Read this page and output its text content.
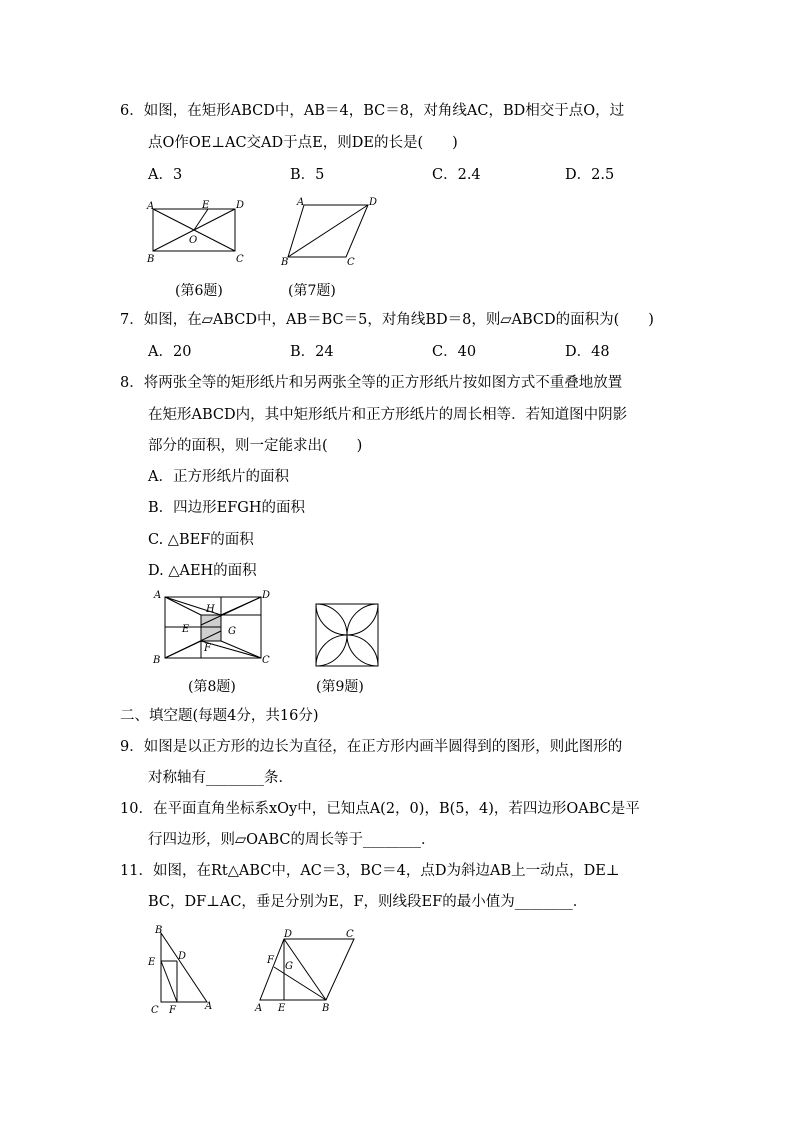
6．如图，在矩形ABCD中，AB＝4，BC＝8，对角线AC，BD相交于点O，过
点O作OE⊥AC交AD于点E，则DE的长是(　　)
A．3	B．5	C．2.4	D．2.5
A	E	D
O
B	C
(第6题)
A	D
B	C
(第7题)
7．如图，在▱ABCD中，AB＝BC＝5，对角线BD＝8，则▱ABCD的面积为(　　)
A．20	B．24	C．40	D．48
8．将两张全等的矩形纸片和另两张全等的正方形纸片按如图方式不重叠地放置
在矩形ABCD内，其中矩形纸片和正方形纸片的周长相等．若知道图中阴影
部分的面积，则一定能求出(　　)
A．正方形纸片的面积
B．四边形EFGH的面积
C. △BEF的面积
D. △AEH的面积
A	D
H
E	G
F
B	C
(第8题)	(第9题)
二、填空题(每题4分，共16分)
9．如图是以正方形的边长为直径，在正方形内画半圆得到的图形，则此图形的
对称轴有________条．
10．在平面直角坐标系xOy中，已知点A(2，0)，B(5，4)，若四边形OABC是平
行四边形，则▱OABC的周长等于________．
11．如图，在Rt△ABC中，AC＝3，BC＝4，点D为斜边AB上一动点，DE⊥
BC，DF⊥AC，垂足分别为E，F，则线段EF的最小值为________．
B
E
D
C F	A
D	C
F
G
A E	B
